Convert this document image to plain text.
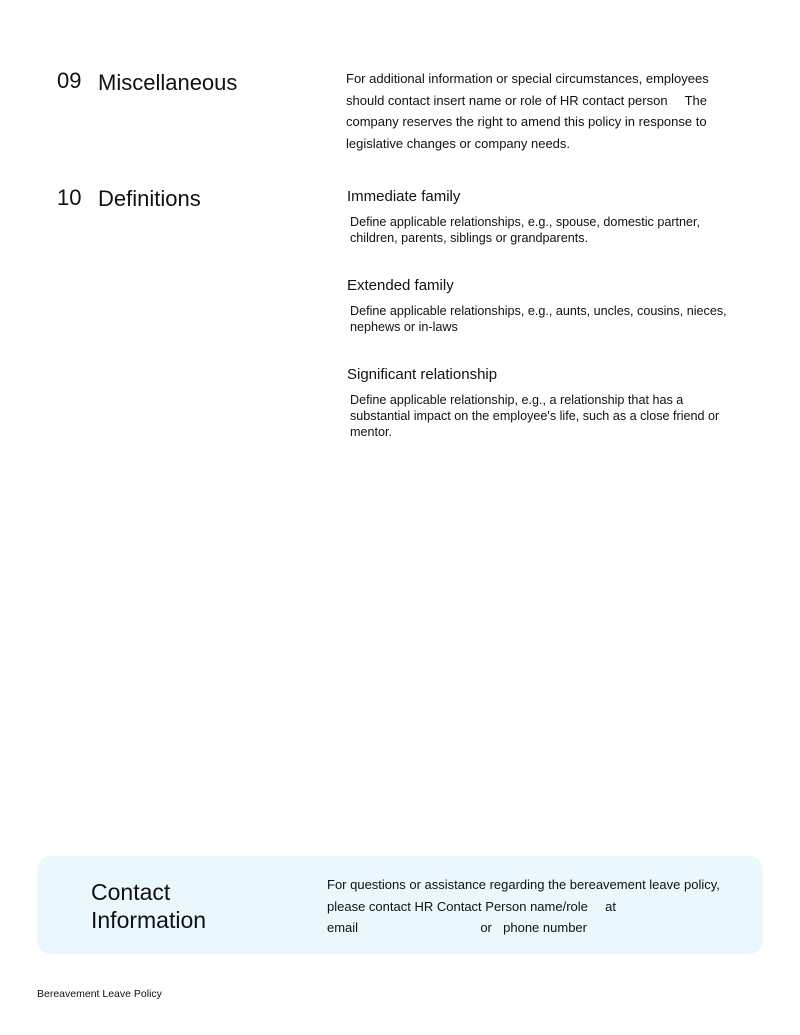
09 Miscellaneous	For additional information or special circumstances, employees should contact insert name or role of HR contact person The company reserves the right to amend this policy in response to legislative changes or company needs.
10 Definitions	Immediate family

Define applicable relationships, e.g., spouse, domestic partner, children, parents, siblings or grandparents.

Extended family

Define applicable relationships, e.g., aunts, uncles, cousins, nieces, nephews or in-laws

Significant relationship

Define applicable relationship, e.g., a relationship that has a substantial impact on the employee's life, such as a close friend or mentor.

Contact Information
For questions or assistance regarding the bereavement leave policy, please contact HR Contact Person name/role at
email	or phone number
Bereavement Leave Policy
